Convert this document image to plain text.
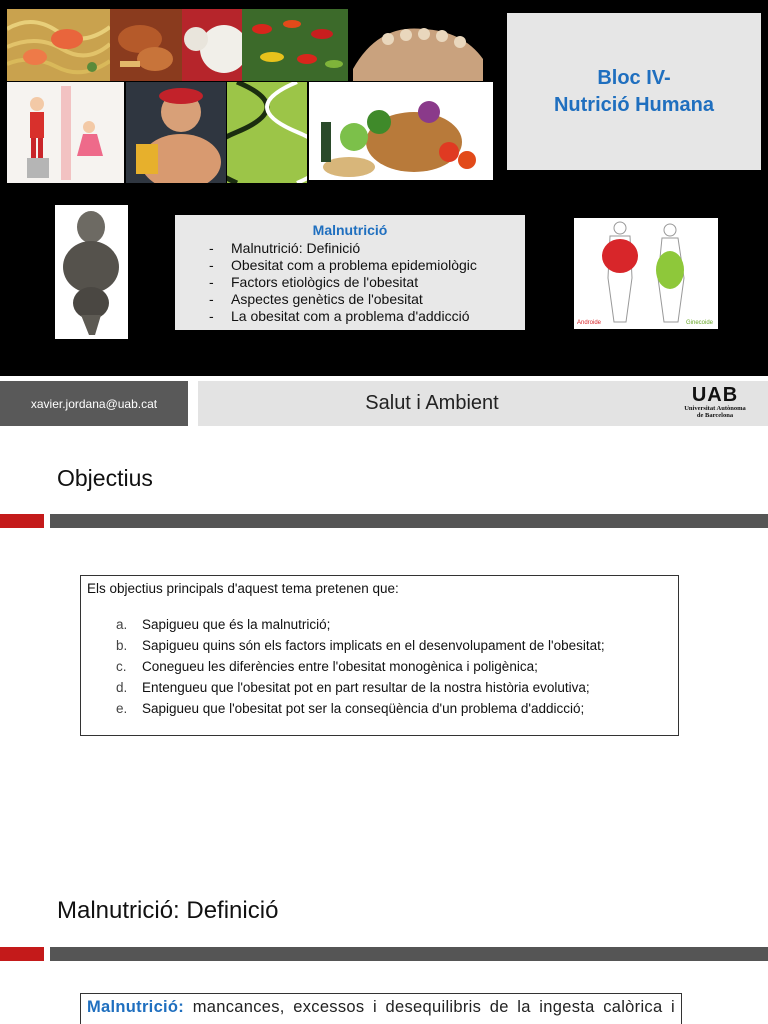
Bloc IV-
Nutrició Humana
Malnutrició
- Malnutrició: Definició
- Obesitat com a problema epidemiològic
- Factors etiològics de l'obesitat
- Aspectes genètics de l'obesitat
- La obesitat com a problema d'addicció	Androide	Ginecoide
xavier.jordana@uab.cat	Salut i Ambient	UAB
Universitat Autònoma
de Barcelona
Objectius
Els objectius principals d'aquest tema pretenen que:
a. Sapigueu que és la malnutrició;
b. Sapigueu quins són els factors implicats en el desenvolupament de l'obesitat;
c. Conegueu les diferències entre l'obesitat monogènica i poligènica;
d. Entengueu que l'obesitat pot en part resultar de la nostra història evolutiva;
e. Sapigueu que l'obesitat pot ser la conseqüència d'un problema d'addicció;
Malnutrició: Definició
Malnutrició: mancances, excessos i desequilibris de la ingesta calòrica i
